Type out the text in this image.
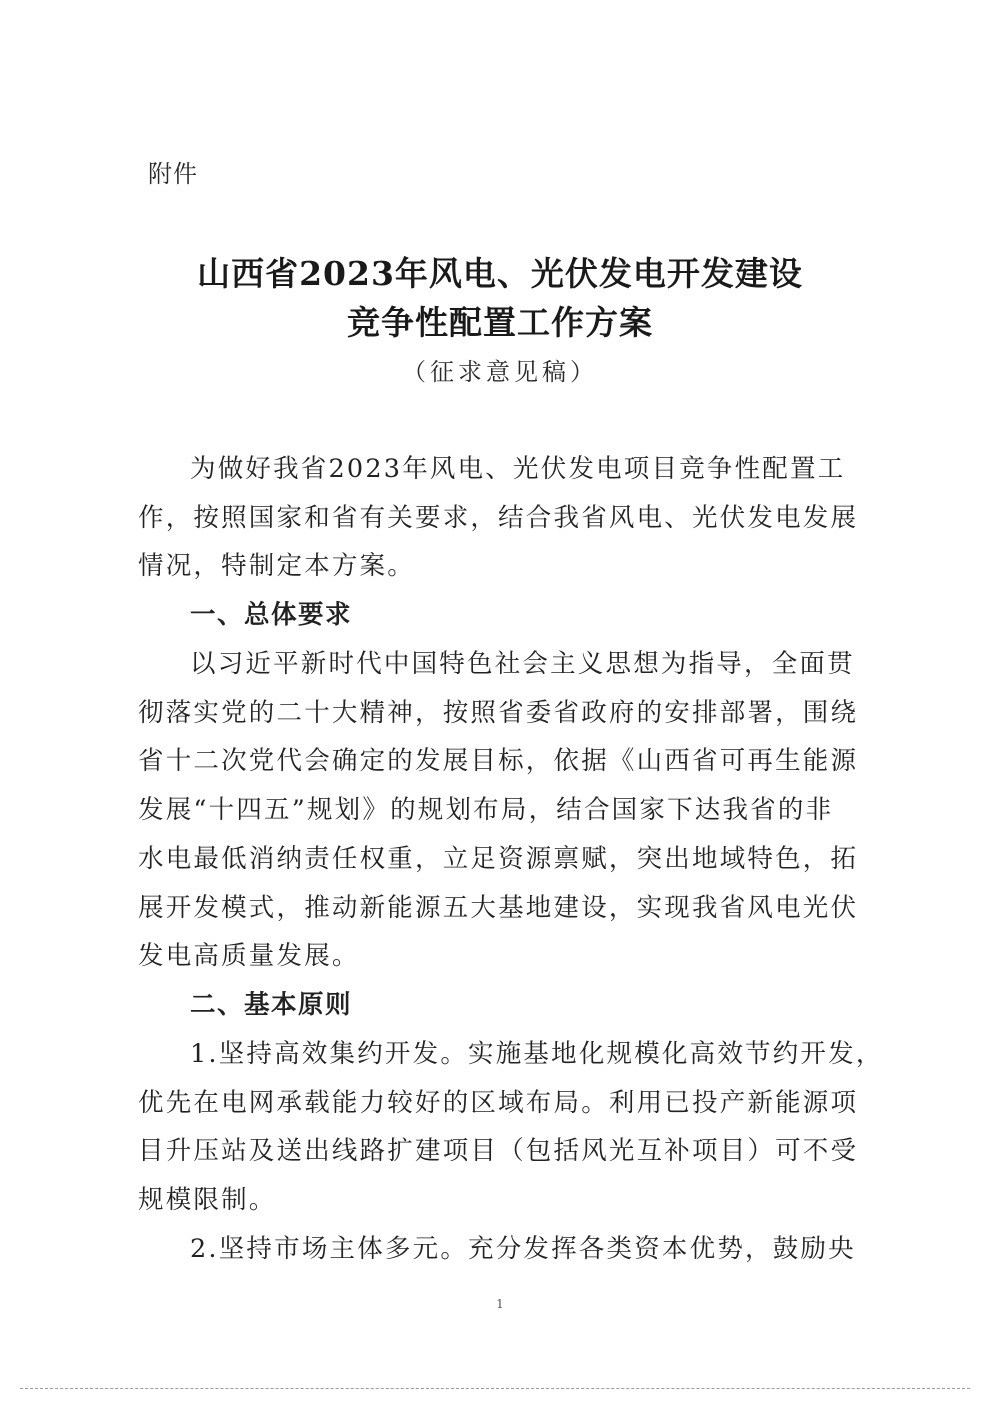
附件
山西省2023年风电、光伏发电开发建设
竞争性配置工作方案
（征求意见稿）
为做好我省2023年风电、光伏发电项目竞争性配置工
作，按照国家和省有关要求，结合我省风电、光伏发电发展
情况，特制定本方案。
一、总体要求
以习近平新时代中国特色社会主义思想为指导，全面贯
彻落实党的二十大精神，按照省委省政府的安排部署，围绕
省十二次党代会确定的发展目标，依据《山西省可再生能源
发展“十四五”规划》的规划布局，结合国家下达我省的非
水电最低消纳责任权重，立足资源禀赋，突出地域特色，拓
展开发模式，推动新能源五大基地建设，实现我省风电光伏
发电高质量发展。
二、基本原则
1.坚持高效集约开发。实施基地化规模化高效节约开发，
优先在电网承载能力较好的区域布局。利用已投产新能源项
目升压站及送出线路扩建项目（包括风光互补项目）可不受
规模限制。
2.坚持市场主体多元。充分发挥各类资本优势，鼓励央
1
